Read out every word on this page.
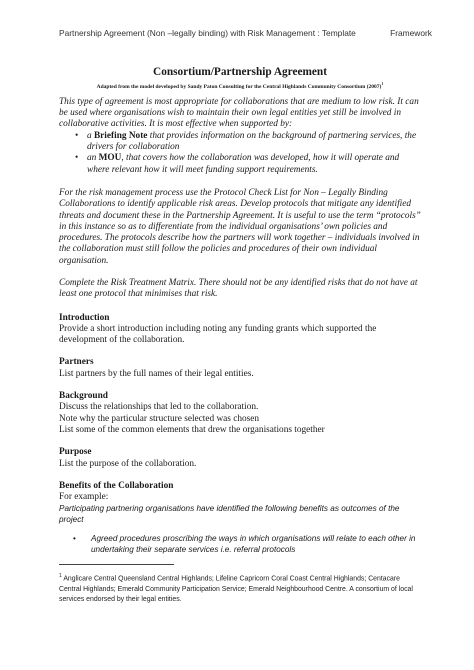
Partnership Agreement (Non –legally binding) with Risk Management : Template	Framework

Consortium/Partnership Agreement

Adapted from the model developed by Sandy Paton Consulting for the Central Highlands Community Consortium $(2007)^1$

This type of agreement is most appropriate for collaborations that are medium to low risk. It can be used where organisations wish to maintain their own legal entities yet still be involved in collaborative activities. It is most effective when supported by:

• a Briefing Note that provides information on the background of partnering services, the drivers for collaboration
• an MOU, that covers how the collaboration was developed, how it will operate and where relevant how it will meet funding support requirements.

For the risk management process use the Protocol Check List for Non – Legally Binding Collaborations to identify applicable risk areas. Develop protocols that mitigate any identified threats and document these in the Partnership Agreement. It is useful to use the term “protocols” in this instance so as to differentiate from the individual organisations’ own policies and procedures. The protocols describe how the partners will work together – individuals involved in the collaboration must still follow the policies and procedures of their own individual organisation.

Complete the Risk Treatment Matrix. There should not be any identified risks that do not have at least one protocol that minimises that risk.

Introduction

Provide a short introduction including noting any funding grants which supported the development of the collaboration.

Partners

List partners by the full names of their legal entities.

Background

Discuss the relationships that led to the collaboration.

Note why the particular structure selected was chosen

List some of the common elements that drew the organisations together

Purpose

List the purpose of the collaboration.

Benefits of the Collaboration

For example:

Participating partnering organisations have identified the following benefits as outcomes of the project

• Agreed procedures proscribing the ways in which organisations will relate to each other in undertaking their separate services i.e. referral protocols
$^1$ Anglicare Central Queensland Central Highlands; Lifeline Capricorn Coral Coast Central Highlands; Centacare Central Highlands; Emerald Community Participation Service; Emerald Neighbourhood Centre. A consortium of local services endorsed by their legal entities.
